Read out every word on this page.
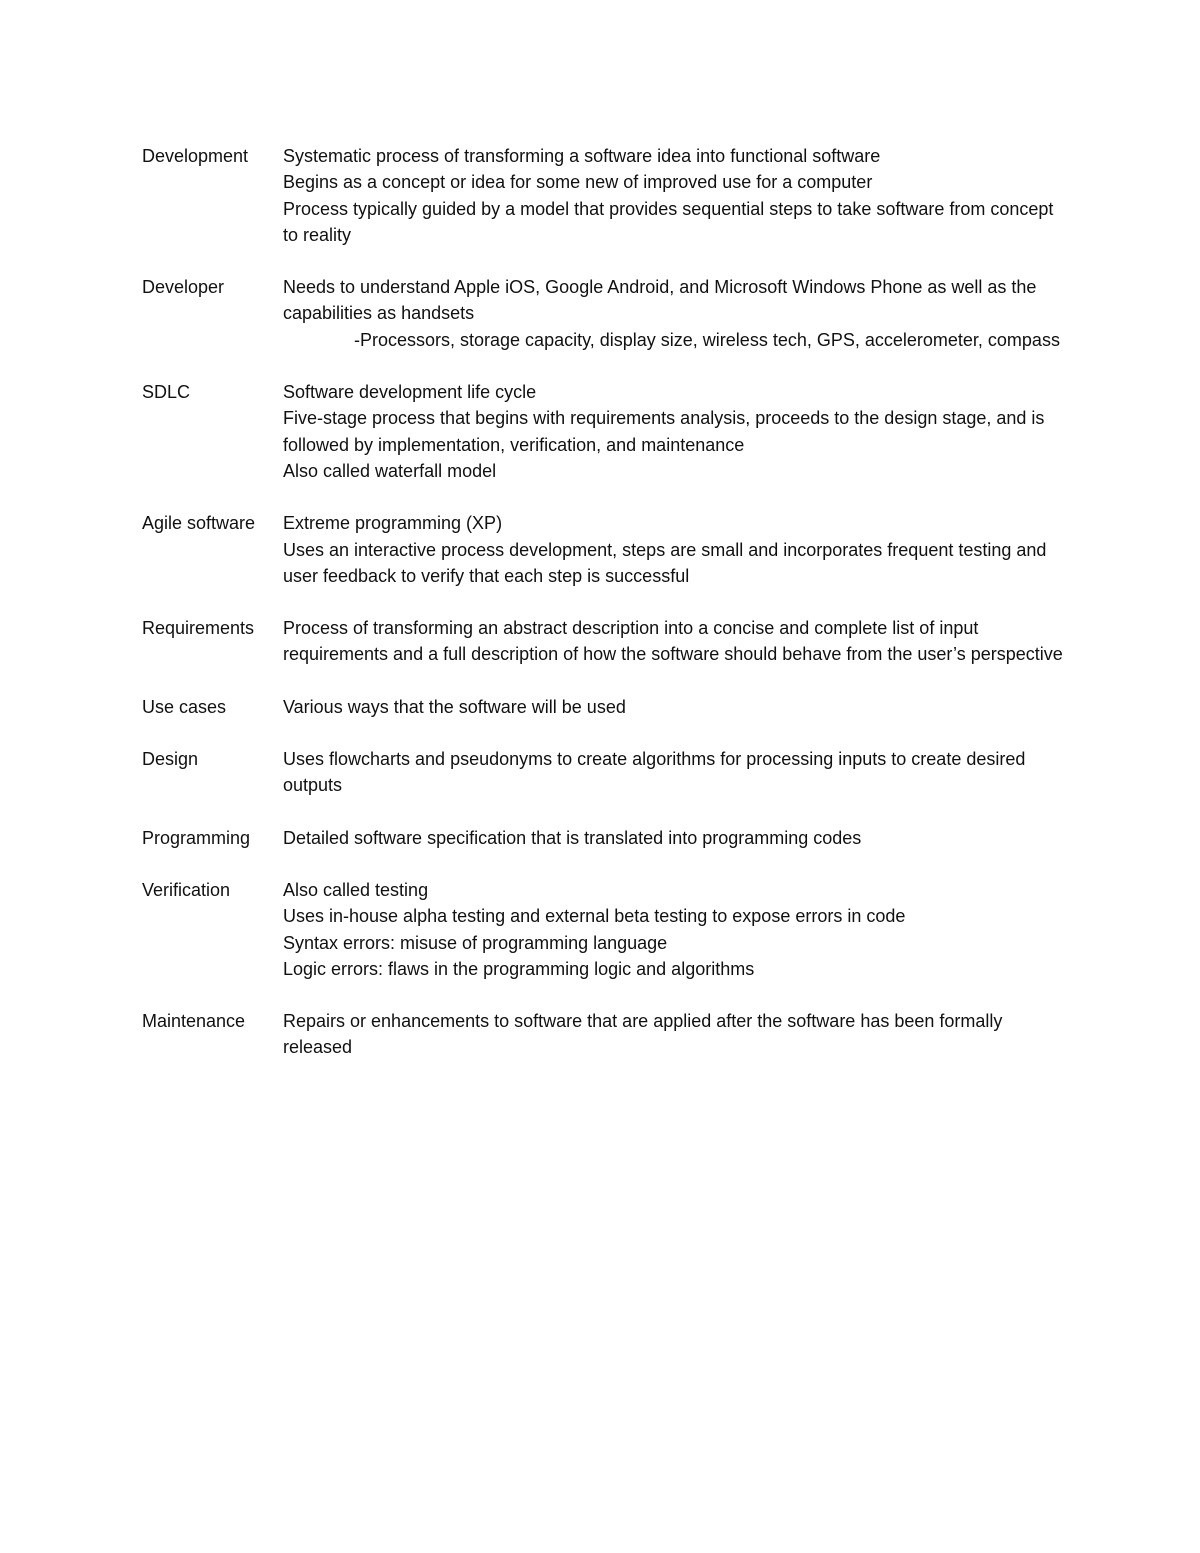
Development	Systematic process of transforming a software idea into functional software

Begins as a concept or idea for some new of improved use for a computer

Process typically guided by a model that provides sequential steps to take software from concept to reality

Developer	Needs to understand Apple iOS, Google Android, and Microsoft Windows Phone as well as the capabilities as handsets

-Processors, storage capacity, display size, wireless tech, GPS, accelerometer, compass

SDLC	Software development life cycle

Five-stage process that begins with requirements analysis, proceeds to the design stage, and is followed by implementation, verification, and maintenance

Also called waterfall model

Agile software	Extreme programming (XP)

Uses an interactive process development, steps are small and incorporates frequent testing and user feedback to verify that each step is successful

Requirements	Process of transforming an abstract description into a concise and complete list of input requirements and a full description of how the software should behave from the user’s perspective

Use cases	Various ways that the software will be used

Design	Uses flowcharts and pseudonyms to create algorithms for processing inputs to create desired outputs

Programming	Detailed software specification that is translated into programming codes

Verification	Also called testing

Uses in-house alpha testing and external beta testing to expose errors in code

Syntax errors: misuse of programming language

Logic errors: flaws in the programming logic and algorithms

Maintenance	Repairs or enhancements to software that are applied after the software has been formally released
